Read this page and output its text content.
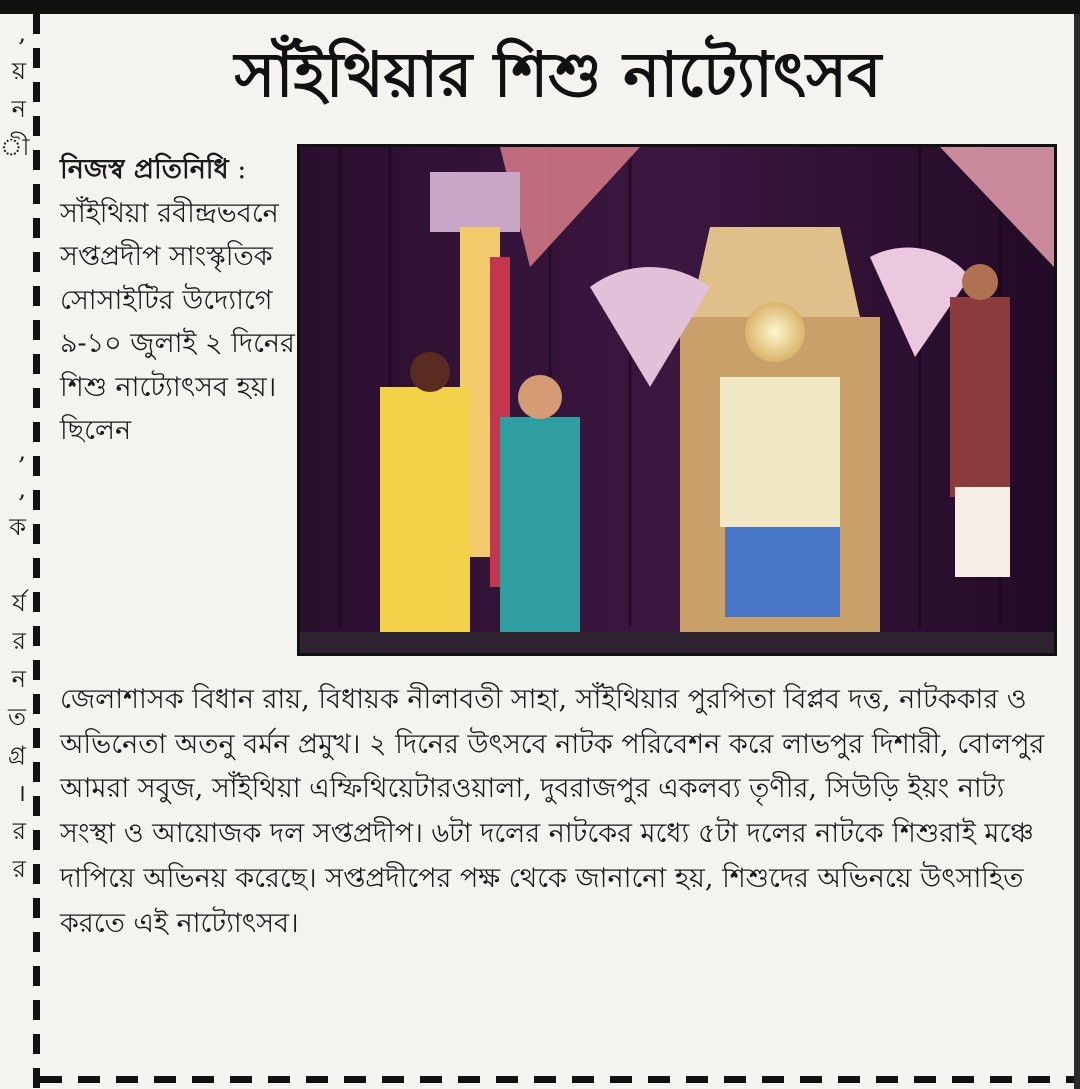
,
য়
ন
ী

,
,
ক

র্য
র
ন
ত
গ্র
।
র
র
সাঁইথিয়ার শিশু নাট্যোৎসব
নিজস্ব প্রতিনিধি : সাঁইথিয়া রবীন্দ্রভবনে সপ্তপ্রদীপ সাংস্কৃতিক সোসাইটির উদ্যোগে ৯-১০ জুলাই ২ দিনের শিশু নাট্যোৎসব হয়। ছিলেন

জেলাশাসক বিধান রায়, বিধায়ক নীলাবতী সাহা, সাঁইথিয়ার পুরপিতা বিপ্লব দত্ত, নাটককার ও অভিনেতা অতনু বর্মন প্রমুখ। ২ দিনের উৎসবে নাটক পরিবেশন করে লাভপুর দিশারী, বোলপুর আমরা সবুজ, সাঁইথিয়া এম্ফিথিয়েটারওয়ালা, দুবরাজপুর একলব্য তৃণীর, সিউড়ি ইয়ং নাট্য সংস্থা ও আয়োজক দল সপ্তপ্রদীপ। ৬টা দলের নাটকের মধ্যে ৫টা দলের নাটকে শিশুরাই মঞ্চে দাপিয়ে অভিনয় করেছে। সপ্তপ্রদীপের পক্ষ থেকে জানানো হয়, শিশুদের অভিনয়ে উৎসাহিত করতে এই নাট্যোৎসব।
